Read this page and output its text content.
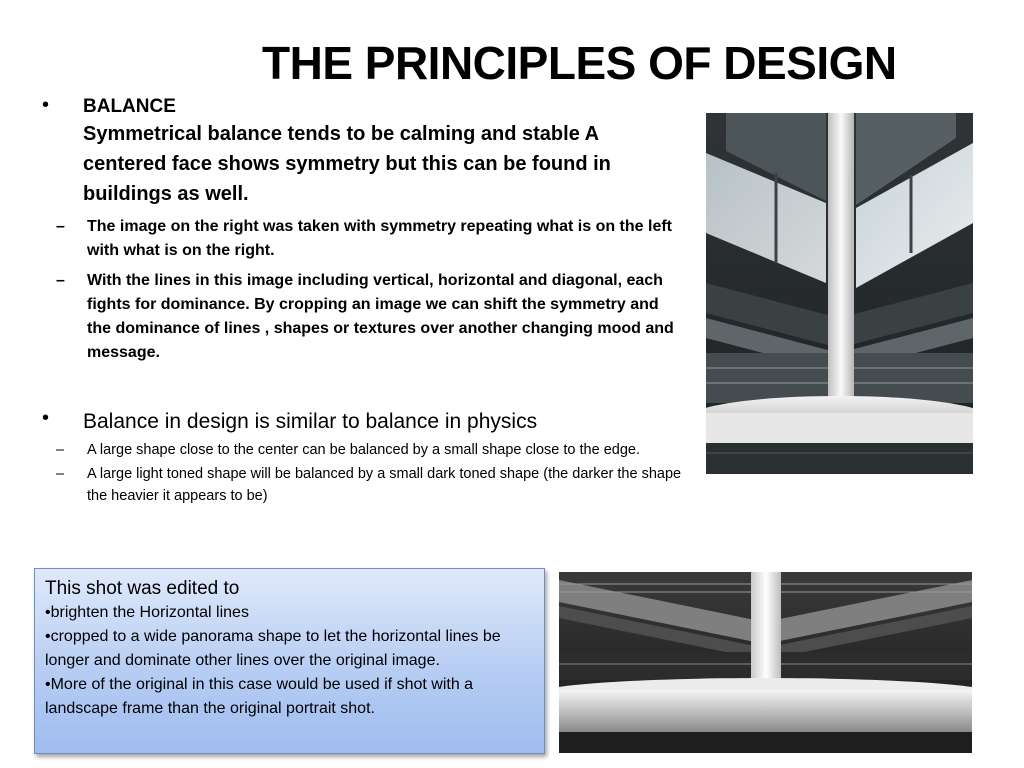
THE PRINCIPLES OF DESIGN
• BALANCE
Symmetrical balance tends to be calming and stable A centered face shows symmetry but this can be found in buildings as well.
– The image on the right was taken with symmetry repeating what is on the left with what is on the right.
– With the lines in this image including vertical, horizontal and diagonal, each fights for dominance. By cropping an image we can shift the symmetry and the dominance of lines , shapes or textures over another changing mood and message.
• Balance in design is similar to balance in physics
– A large shape close to the center can be balanced by a small shape close to the edge.
– A large light toned shape will be balanced by a small dark toned shape (the darker the shape the heavier it appears to be)
This shot was edited to
•brighten the Horizontal lines
•cropped to a wide panorama shape to let the horizontal lines be longer and dominate other lines over the original image.
•More of the original in this case would be used if shot with a landscape frame than the original portrait shot.
